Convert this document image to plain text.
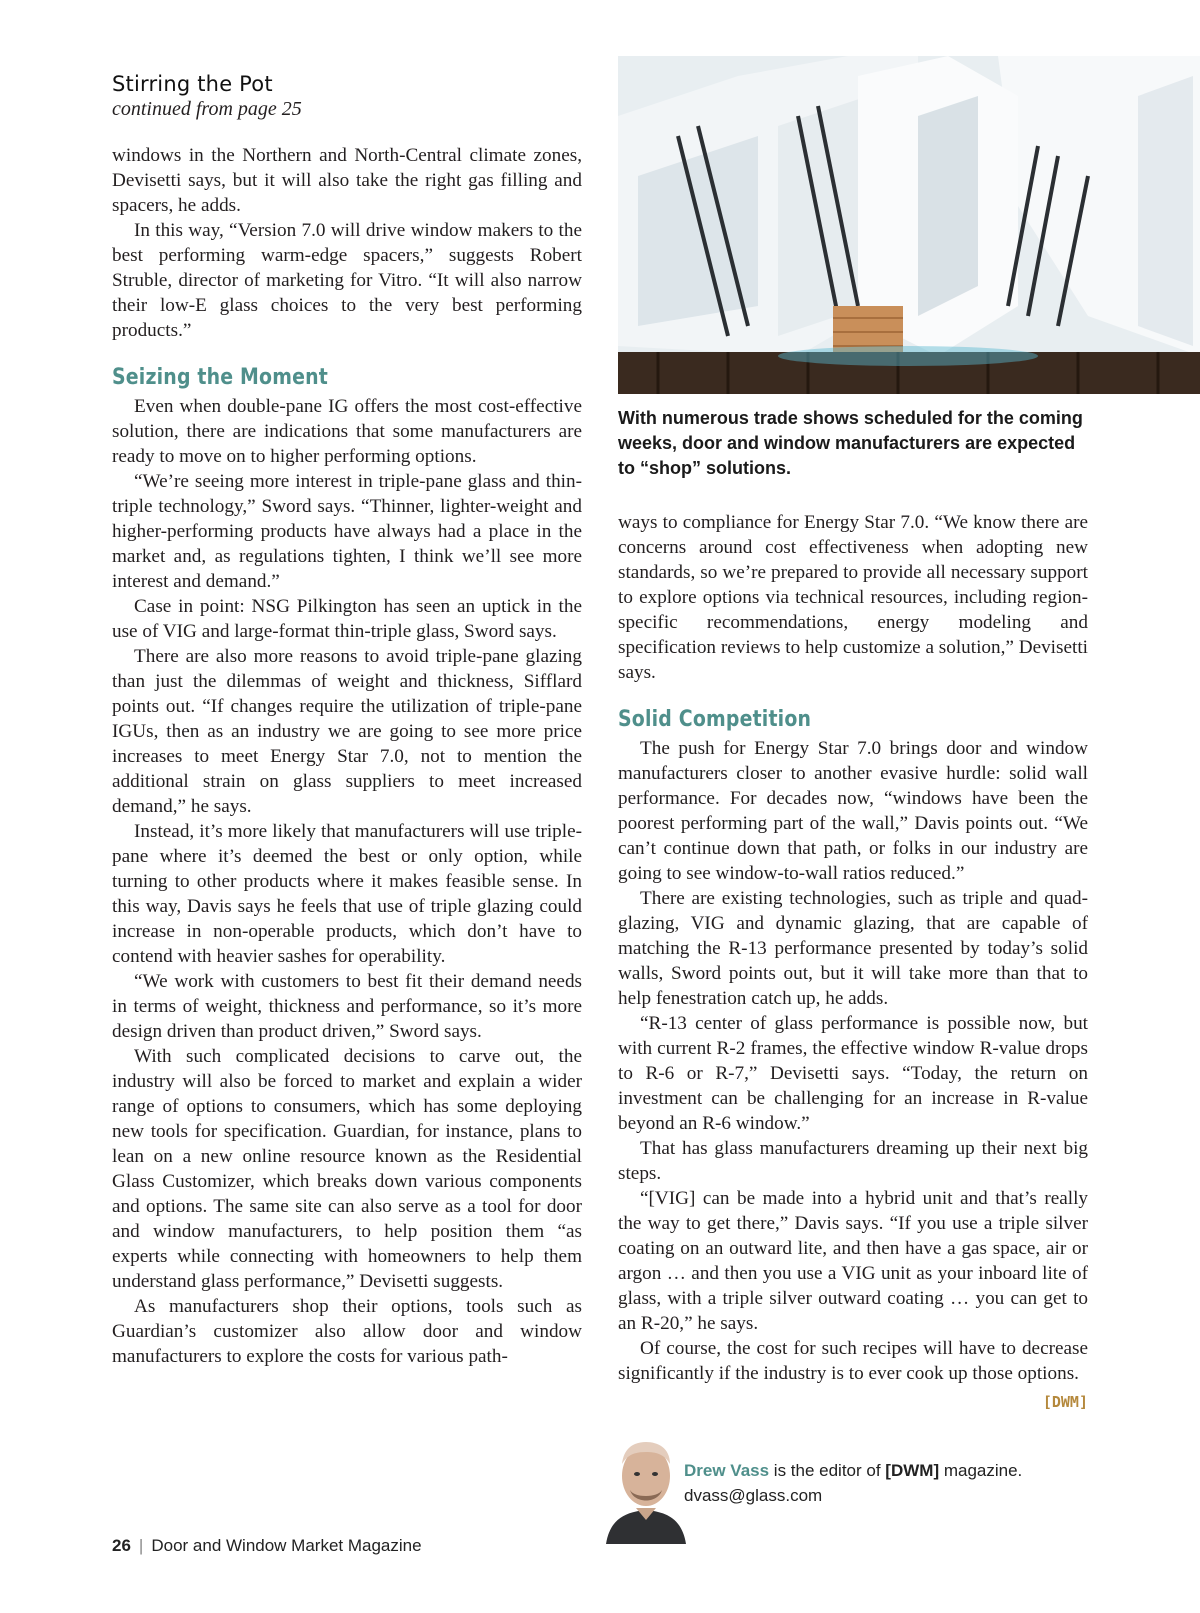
Stirring the Pot
continued from page 25

windows in the Northern and North-Central climate zones, Devisetti says, but it will also take the right gas filling and spacers, he adds.

In this way, “Version 7.0 will drive window makers to the best performing warm-edge spacers,” suggests Robert Struble, director of marketing for Vitro. “It will also narrow their low-E glass choices to the very best performing products.”

Seizing the Moment

Even when double-pane IG offers the most cost-effective solution, there are indications that some manufacturers are ready to move on to higher performing options.

“We’re seeing more interest in triple-pane glass and thin-triple technology,” Sword says. “Thinner, lighter-weight and higher-performing products have always had a place in the market and, as regulations tighten, I think we’ll see more interest and demand.”

Case in point: NSG Pilkington has seen an uptick in the use of VIG and large-format thin-triple glass, Sword says.

There are also more reasons to avoid triple-pane glazing than just the dilemmas of weight and thickness, Sifflard points out. “If changes require the utilization of triple-pane IGUs, then as an industry we are going to see more price increases to meet Energy Star 7.0, not to mention the additional strain on glass suppliers to meet increased demand,” he says.

Instead, it’s more likely that manufacturers will use triple-pane where it’s deemed the best or only option, while turning to other products where it makes feasible sense. In this way, Davis says he feels that use of triple glazing could increase in non-operable products, which don’t have to contend with heavier sashes for operability.

“We work with customers to best fit their demand needs in terms of weight, thickness and performance, so it’s more design driven than product driven,” Sword says.

With such complicated decisions to carve out, the industry will also be forced to market and explain a wider range of options to consumers, which has some deploying new tools for specification. Guardian, for instance, plans to lean on a new online resource known as the Residential Glass Customizer, which breaks down various components and options. The same site can also serve as a tool for door and window manufacturers, to help position them “as experts while connecting with homeowners to help them understand glass performance,” Devisetti suggests.

As manufacturers shop their options, tools such as Guardian’s customizer also allow door and window manufacturers to explore the costs for various path-

With numerous trade shows scheduled for the coming weeks, door and window manufacturers are expected to “shop” solutions.

ways to compliance for Energy Star 7.0. “We know there are concerns around cost effectiveness when adopting new standards, so we’re prepared to provide all necessary support to explore options via technical resources, including region-specific recommendations, energy modeling and specification reviews to help customize a solution,” Devisetti says.

Solid Competition

The push for Energy Star 7.0 brings door and window manufacturers closer to another evasive hurdle: solid wall performance. For decades now, “windows have been the poorest performing part of the wall,” Davis points out. “We can’t continue down that path, or folks in our industry are going to see window-to-wall ratios reduced.”

There are existing technologies, such as triple and quad-glazing, VIG and dynamic glazing, that are capable of matching the R-13 performance presented by today’s solid walls, Sword points out, but it will take more than that to help fenestration catch up, he adds.

“R-13 center of glass performance is possible now, but with current R-2 frames, the effective window R-value drops to R-6 or R-7,” Devisetti says. “Today, the return on investment can be challenging for an increase in R-value beyond an R-6 window.”

That has glass manufacturers dreaming up their next big steps.

“[VIG] can be made into a hybrid unit and that’s really the way to get there,” Davis says. “If you use a triple silver coating on an outward lite, and then have a gas space, air or argon … and then you use a VIG unit as your inboard lite of glass, with a triple silver outward coating … you can get to an R-20,” he says.

Of course, the cost for such recipes will have to decrease significantly if the industry is to ever cook up those options.
[DWM]

Drew Vass is the editor of [DWM] magazine.
dvass@glass.com
26 | Door and Window Market Magazine
